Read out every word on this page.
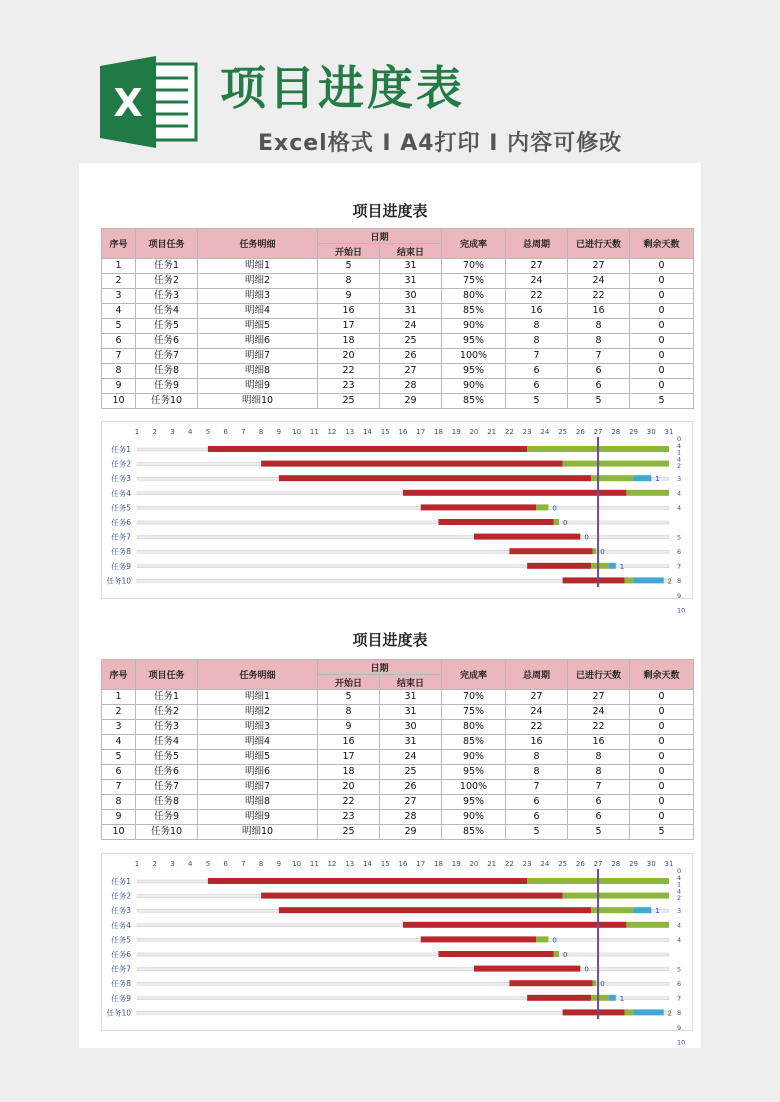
X 项目进度表
Excel格式 I A4打印 I 内容可修改
项目进度表
序号	项目任务	任务明细	日期		完成率	总周期	已进行天数	剩余天数
			开始日	结束日				
1	任务1	明细1	5	31	70%	27	27	0
2	任务2	明细2	8	31	75%	24	24	0
3	任务3	明细3	9	30	80%	22	22	0
4	任务4	明细4	16	31	85%	16	16	0
5	任务5	明细5	17	24	90%	8	8	0
6	任务6	明细6	18	25	95%	8	8	0
7	任务7	明细7	20	26	100%	7	7	0
8	任务8	明细8	22	27	95%	6	6	0
9	任务9	明细9	23	28	90%	6	6	0
10	任务10	明细10	25	29	85%	5	5	5
1 2 3 4 5 6 7 8 9 10 11 12 13 14 15 16 17 18 19 20 21 22 23 24 25 26 27 28 29 30 31
任务1
任务2
任务3
任务4
任务5
任务6
任务7
任务8
任务9
任务10
1
0
0
0
0
1
2
0
4
1
4
2
3
4
4
5
6
7
8
9
10
项目进度表
序号	项目任务	任务明细	日期		完成率	总周期	已进行天数	剩余天数
			开始日	结束日				
1	任务1	明细1	5	31	70%	27	27	0
2	任务2	明细2	8	31	75%	24	24	0
3	任务3	明细3	9	30	80%	22	22	0
4	任务4	明细4	16	31	85%	16	16	0
5	任务5	明细5	17	24	90%	8	8	0
6	任务6	明细6	18	25	95%	8	8	0
7	任务7	明细7	20	26	100%	7	7	0
8	任务8	明细8	22	27	95%	6	6	0
9	任务9	明细9	23	28	90%	6	6	0
10	任务10	明细10	25	29	85%	5	5	5
1 2 3 4 5 6 7 8 9 10 11 12 13 14 15 16 17 18 19 20 21 22 23 24 25 26 27 28 29 30 31
任务1
任务2
任务3
任务4
任务5
任务6
任务7
任务8
任务9
任务10
1
0
0
0
0
1
2
0
4
1
4
2
3
4
4
5
6
7
8
9
10
